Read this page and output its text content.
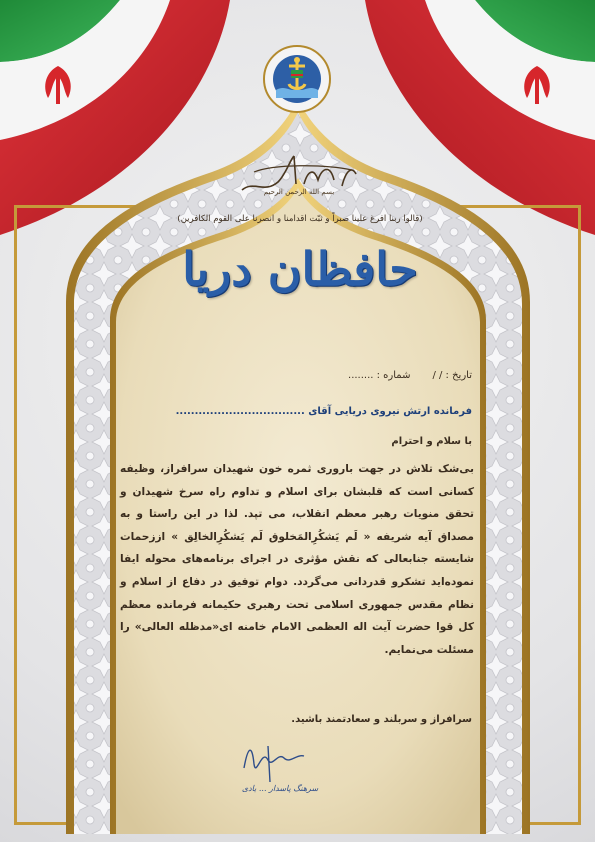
بسم الله الرحمن الرحیم
(قالوا ربنا افرغ علینا صبراً و ثبّت اقدامنا و انصرنا علی القوم الکافرین)
حافظان دریا
تاریخ : / /
شماره : ........
فرمانده ارتش نیروی دریایی آقای ..................................
با سلام و احترام
بی‌شک تلاش در جهت باروری ثمره خون شهیدان سرافراز، وظیفه کسانی است که قلبشان برای اسلام و تداوم راه سرخ شهیدان و تحقق منویات رهبر معظم انقلاب، می تپد. لذا در این راستا و به مصداق آیه شریفه « لَم یَشکُرِالمَخلوق لَم یَشکُرِالخالِق » اززحمات شایسته جنابعالی که نقش مؤثری در اجرای برنامه‌های محوله ایفا نموده‌اید تشکرو قدردانی می‌گردد. دوام توفیق در دفاع از اسلام و نظام مقدس جمهوری اسلامی تحت رهبری حکیمانه فرمانده معظم کل قوا حضرت آیت اله العظمی الامام خامنه ای«مدظله العالی» را مسئلت می‌نمایم.
سرافراز و سربلند و سعادتمند باشید.
سرهنگ پاسدار ... یادی
